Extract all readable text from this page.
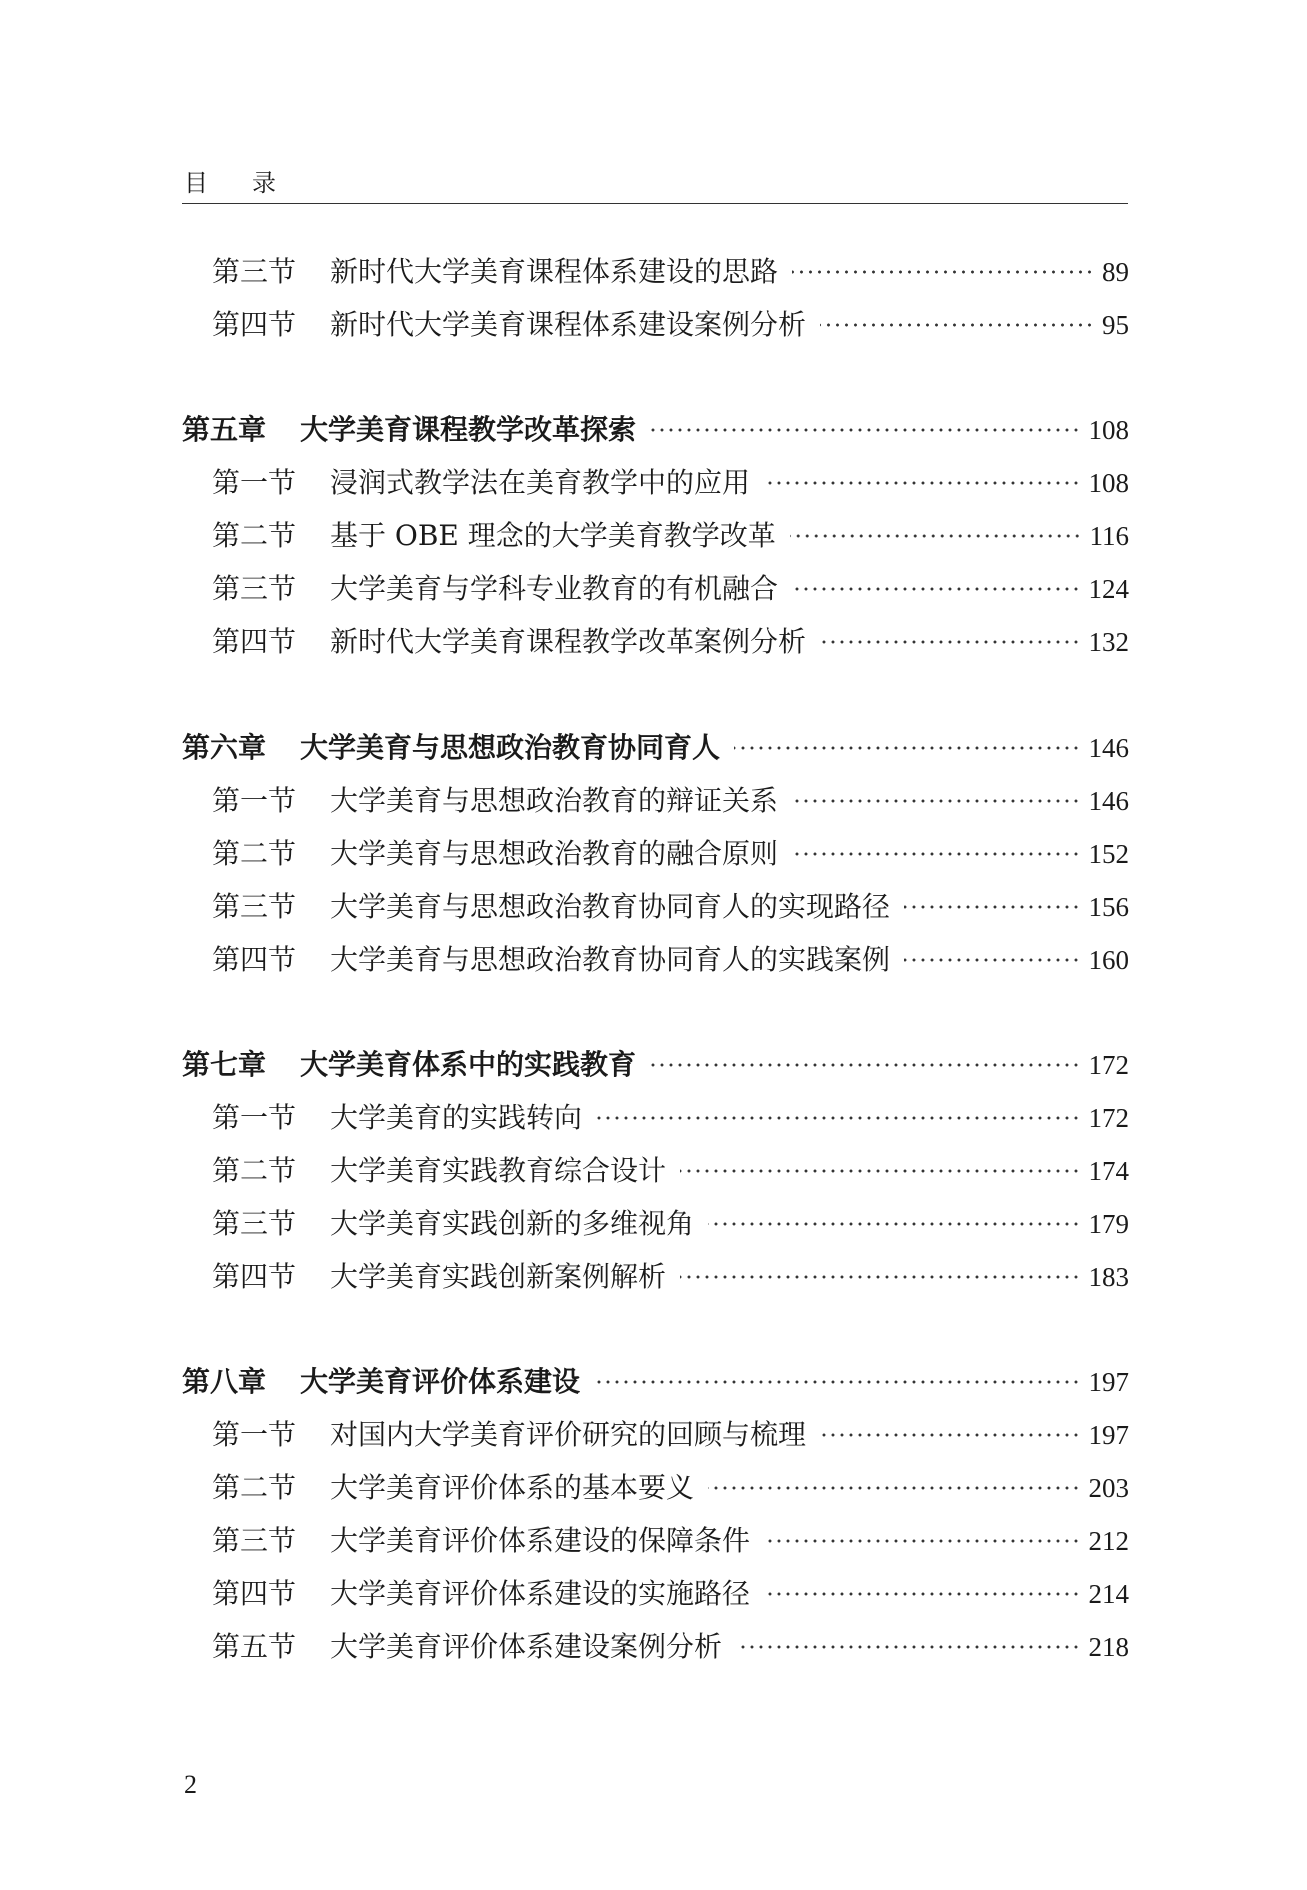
目 录
第三节	新时代大学美育课程体系建设的思路	89
第四节	新时代大学美育课程体系建设案例分析	95
第五章	大学美育课程教学改革探索	108
第一节	浸润式教学法在美育教学中的应用	108
第二节	基于 OBE 理念的大学美育教学改革	116
第三节	大学美育与学科专业教育的有机融合	124
第四节	新时代大学美育课程教学改革案例分析	132
第六章	大学美育与思想政治教育协同育人	146
第一节	大学美育与思想政治教育的辩证关系	146
第二节	大学美育与思想政治教育的融合原则	152
第三节	大学美育与思想政治教育协同育人的实现路径	156
第四节	大学美育与思想政治教育协同育人的实践案例	160
第七章	大学美育体系中的实践教育	172
第一节	大学美育的实践转向	172
第二节	大学美育实践教育综合设计	174
第三节	大学美育实践创新的多维视角	179
第四节	大学美育实践创新案例解析	183
第八章	大学美育评价体系建设	197
第一节	对国内大学美育评价研究的回顾与梳理	197
第二节	大学美育评价体系的基本要义	203
第三节	大学美育评价体系建设的保障条件	212
第四节	大学美育评价体系建设的实施路径	214
第五节	大学美育评价体系建设案例分析	218
2
